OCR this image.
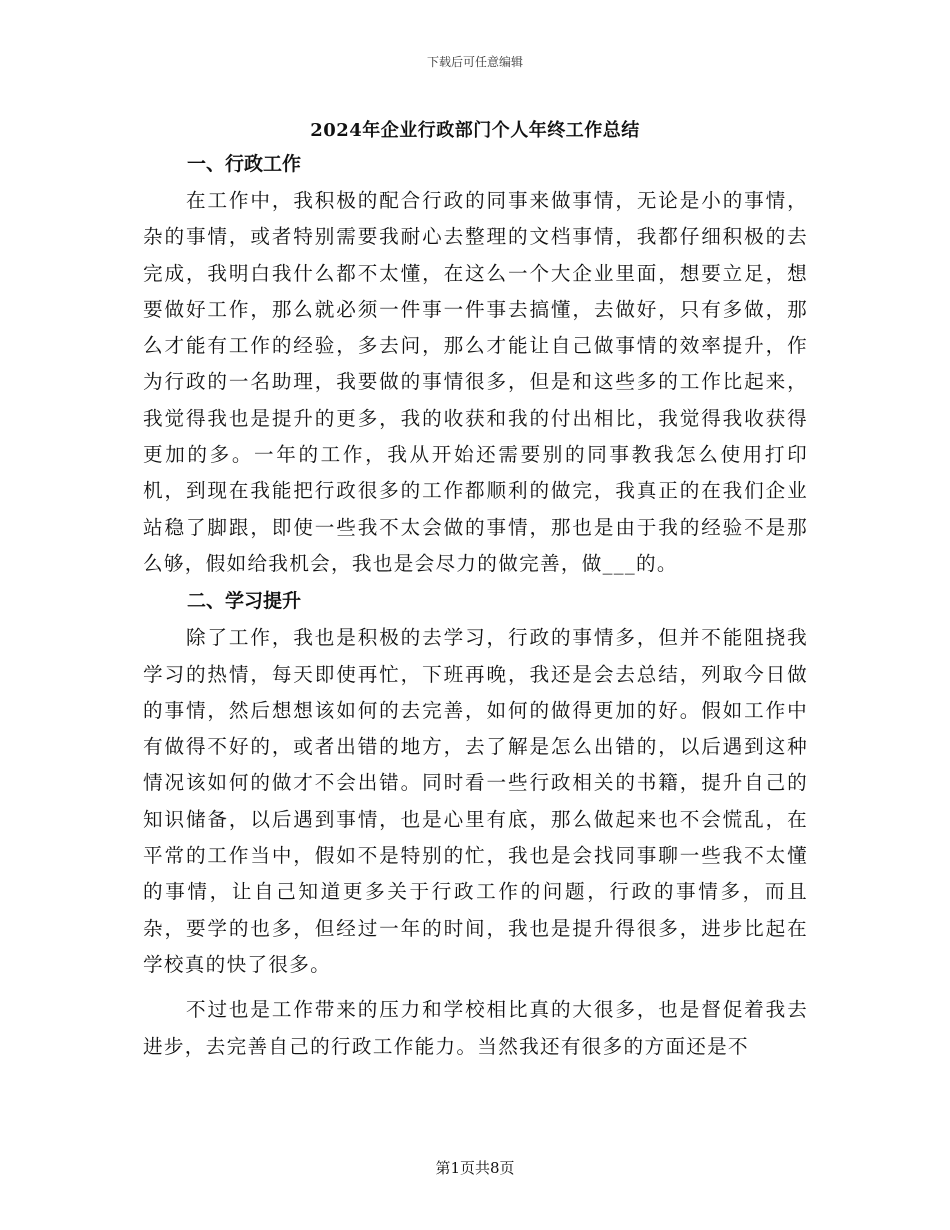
下载后可任意编辑
2024年企业行政部门个人年终工作总结
一、行政工作

在工作中，我积极的配合行政的同事来做事情，无论是小的事情，杂的事情，或者特别需要我耐心去整理的文档事情，我都仔细积极的去完成，我明白我什么都不太懂，在这么一个大企业里面，想要立足，想要做好工作，那么就必须一件事一件事去搞懂，去做好，只有多做，那么才能有工作的经验，多去问，那么才能让自己做事情的效率提升，作为行政的一名助理，我要做的事情很多，但是和这些多的工作比起来，我觉得我也是提升的更多，我的收获和我的付出相比，我觉得我收获得更加的多。一年的工作，我从开始还需要别的同事教我怎么使用打印机，到现在我能把行政很多的工作都顺利的做完，我真正的在我们企业站稳了脚跟，即使一些我不太会做的事情，那也是由于我的经验不是那么够，假如给我机会，我也是会尽力的做完善，做___的。

二、学习提升

除了工作，我也是积极的去学习，行政的事情多，但并不能阻挠我学习的热情，每天即使再忙，下班再晚，我还是会去总结，列取今日做的事情，然后想想该如何的去完善，如何的做得更加的好。假如工作中有做得不好的，或者出错的地方，去了解是怎么出错的，以后遇到这种情况该如何的做才不会出错。同时看一些行政相关的书籍，提升自己的知识储备，以后遇到事情，也是心里有底，那么做起来也不会慌乱，在平常的工作当中，假如不是特别的忙，我也是会找同事聊一些我不太懂的事情，让自己知道更多关于行政工作的问题，行政的事情多，而且杂，要学的也多，但经过一年的时间，我也是提升得很多，进步比起在学校真的快了很多。

不过也是工作带来的压力和学校相比真的大很多，也是督促着我去进步，去完善自己的行政工作能力。当然我还有很多的方面还是不

第1页共8页
